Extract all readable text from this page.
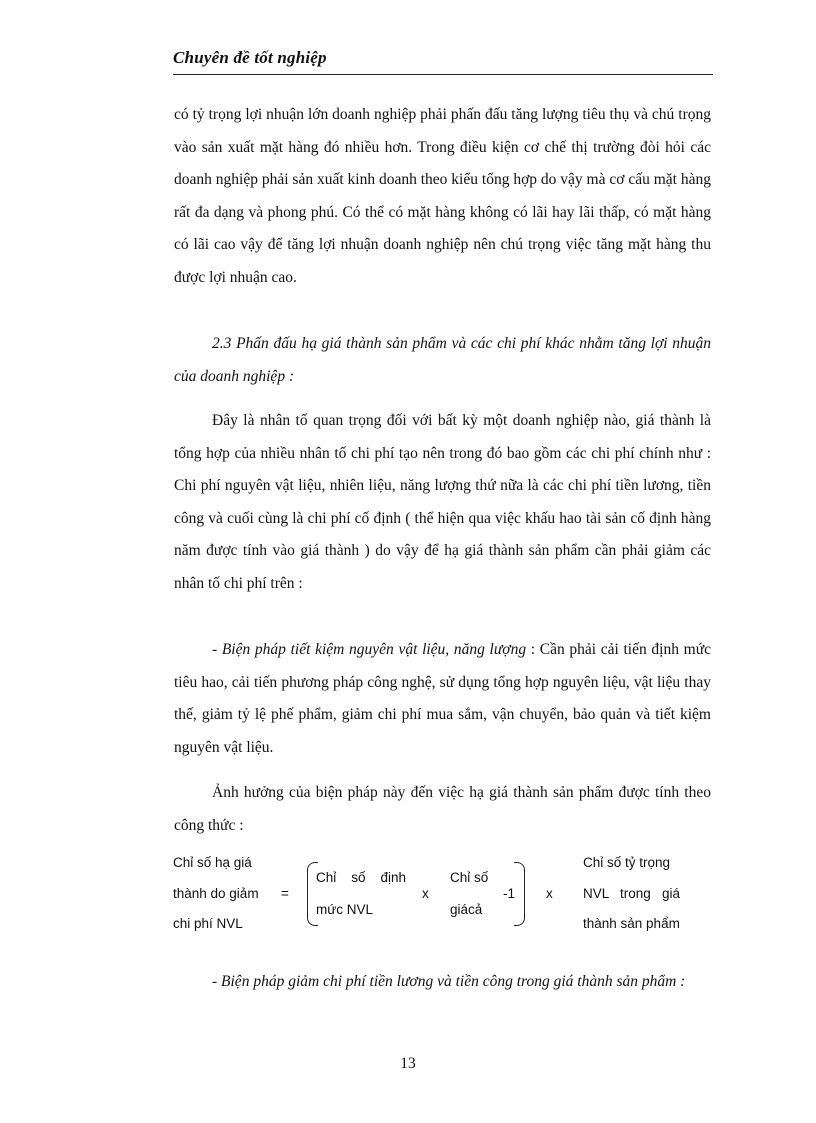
Chuyên đề tốt nghiệp
có tỷ trọng lợi nhuận lớn doanh nghiệp phải phấn đấu tăng lượng tiêu thụ và chú trọng vào sản xuất mặt hàng đó nhiều hơn. Trong điều kiện cơ chế thị trường đòi hỏi các doanh nghiệp phải sản xuất kinh doanh theo kiểu tổng hợp do vậy mà cơ cấu mặt hàng rất đa dạng và phong phú. Có thể có mặt hàng không có lãi hay lãi thấp, có mặt hàng có lãi cao vậy để tăng lợi nhuận doanh nghiệp nên chú trọng việc tăng mặt hàng thu được lợi nhuận cao.
2.3 Phấn đấu hạ giá thành sản phẩm và các chi phí khác nhằm tăng lợi nhuận của doanh nghiệp :
Đây là nhân tố quan trọng đối với bất kỳ một doanh nghiệp nào, giá thành là tổng hợp của nhiều nhân tố chi phí tạo nên trong đó bao gồm các chi phí chính như : Chi phí nguyên vật liệu, nhiên liệu, năng lượng thứ nữa là các chi phí tiền lương, tiền công và cuối cùng là chi phí cố định ( thể hiện qua việc khấu hao tài sản cố định hàng năm được tính vào giá thành ) do vậy để hạ giá thành sản phẩm cần phải giảm các nhân tố chi phí trên :
- Biện pháp tiết kiệm nguyên vật liệu, năng lượng : Cần phải cải tiến định mức tiêu hao, cải tiến phương pháp công nghệ, sử dụng tổng hợp nguyên liệu, vật liệu thay thế, giảm tỷ lệ phế phẩm, giảm chi phí mua sắm, vận chuyển, bảo quản và tiết kiệm nguyên vật liệu.
Ảnh hưởng của biện pháp này đến việc hạ giá thành sản phẩm được tính theo công thức :
Chỉ số hạ giá
thành do giảm
chi phí NVL
=
Chỉ    số    định
mức NVL
x
Chỉ số
giácả
-1 x
Chỉ số tỷ trọng
NVL   trong   giá
thành sản phẩm
- Biện pháp giảm chi phí tiền lương và tiền công trong giá thành sản phẩm :
13
